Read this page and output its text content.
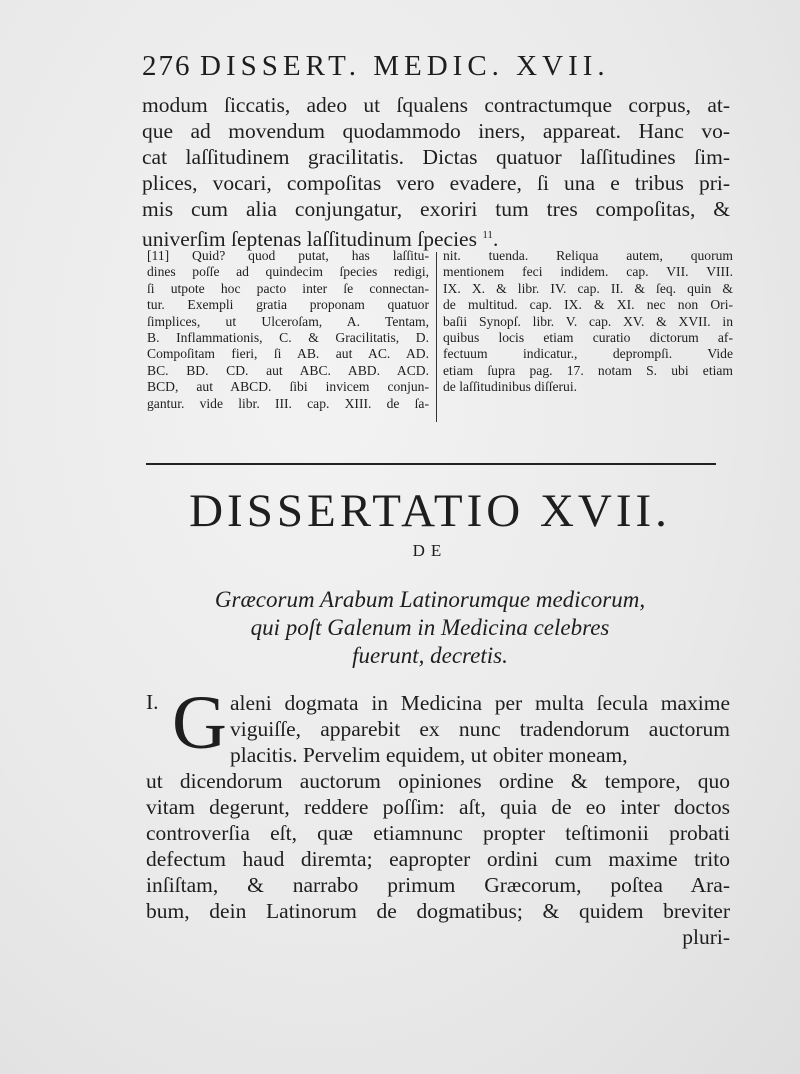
276 DISSERT. MEDIC. XVII.
modum ſiccatis, adeo ut ſqualens contractumque corpus, at-
que ad movendum quodammodo iners, appareat. Hanc vo-
cat laſſitudinem gracilitatis. Dictas quatuor laſſitudines ſim-
plices, vocari, compoſitas vero evadere, ſi una e tribus pri-
mis cum alia conjungatur, exoriri tum tres compoſitas, &
univerſim ſeptenas laſſitudinum ſpecies $^{11}$.
[11] Quid? quod putat, has laſſitu-
dines poſſe ad quindecim ſpecies redigi,
ſi utpote hoc pacto inter ſe connectan-
tur. Exempli gratia proponam quatuor
ſimplices, ut Ulceroſam, A. Tentam,
B. Inflammationis, C. & Gracilitatis, D.
Compoſitam fieri, ſi AB. aut AC. AD.
BC. BD. CD. aut ABC. ABD. ACD.
BCD, aut ABCD. ſibi invicem conjun-
gantur. vide libr. III. cap. XIII. de ſa-
nit. tuenda. Reliqua autem, quorum
mentionem feci indidem. cap. VII. VIII.
IX. X. & libr. IV. cap. II. & ſeq. quin &
de multitud. cap. IX. & XI. nec non Ori-
baſii Synopſ. libr. V. cap. XV. & XVII. in
quibus locis etiam curatio dictorum af-
fectuum indicatur., deprompſi. Vide
etiam ſupra pag. 17. notam S. ubi etiam
de laſſitudinibus diſſerui.
DISSERTATIO XVII.
DE
Græcorum Arabum Latinorumque medicorum,
qui poſt Galenum in Medicina celebres
fuerunt, decretis.
I. G aleni dogmata in Medicina per multa ſecula maxime
viguiſſe, apparebit ex nunc tradendorum auctorum
placitis. Pervelim equidem, ut obiter moneam,
ut dicendorum auctorum opiniones ordine & tempore, quo
vitam degerunt, reddere poſſim: aſt, quia de eo inter doctos
controverſia eſt, quæ etiamnunc propter teſtimonii probati
defectum haud diremta; eapropter ordini cum maxime trito
inſiſtam, & narrabo primum Græcorum, poſtea Ara-
bum, dein Latinorum de dogmatibus; & quidem breviter
pluri-
